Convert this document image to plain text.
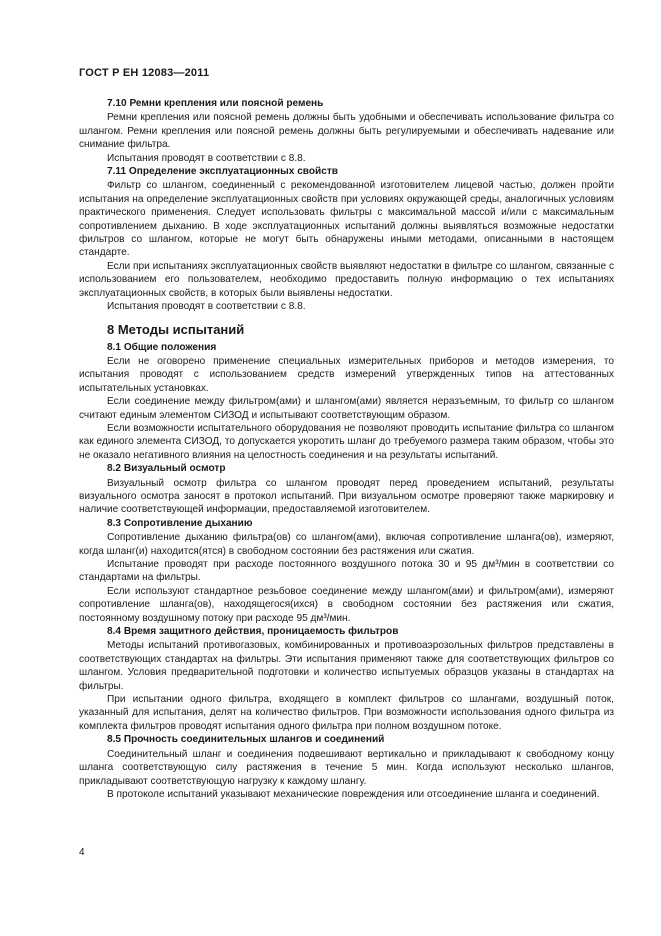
ГОСТ Р ЕН 12083—2011
7.10 Ремни крепления или поясной ремень
Ремни крепления или поясной ремень должны быть удобными и обеспечивать использование фильтра со шлангом. Ремни крепления или поясной ремень должны быть регулируемыми и обеспечивать надевание или снимание фильтра.
Испытания проводят в соответствии с 8.8.
7.11 Определение эксплуатационных свойств
Фильтр со шлангом, соединенный с рекомендованной изготовителем лицевой частью, должен пройти испытания на определение эксплуатационных свойств при условиях окружающей среды, аналогичных условиям практического применения. Следует использовать фильтры с максимальной массой и/или с максимальным сопротивлением дыханию. В ходе эксплуатационных испытаний должны выявляться возможные недостатки фильтров со шлангом, которые не могут быть обнаружены иными методами, описанными в настоящем стандарте.
Если при испытаниях эксплуатационных свойств выявляют недостатки в фильтре со шлангом, связанные с использованием его пользователем, необходимо предоставить полную информацию о тех испытаниях эксплуатационных свойств, в которых были выявлены недостатки.
Испытания проводят в соответствии с 8.8.
8 Методы испытаний
8.1 Общие положения
Если не оговорено применение специальных измерительных приборов и методов измерения, то испытания проводят с использованием средств измерений утвержденных типов на аттестованных испытательных установках.
Если соединение между фильтром(ами) и шлангом(ами) является неразъемным, то фильтр со шлангом считают единым элементом СИЗОД и испытывают соответствующим образом.
Если возможности испытательного оборудования не позволяют проводить испытание фильтра со шлангом как единого элемента СИЗОД, то допускается укоротить шланг до требуемого размера таким образом, чтобы это не оказало негативного влияния на целостность соединения и на результаты испытаний.
8.2 Визуальный осмотр
Визуальный осмотр фильтра со шлангом проводят перед проведением испытаний, результаты визуального осмотра заносят в протокол испытаний. При визуальном осмотре проверяют также маркировку и наличие соответствующей информации, предоставляемой изготовителем.
8.3 Сопротивление дыханию
Сопротивление дыханию фильтра(ов) со шлангом(ами), включая сопротивление шланга(ов), измеряют, когда шланг(и) находится(ятся) в свободном состоянии без растяжения или сжатия.
Испытание проводят при расходе постоянного воздушного потока 30 и 95 дм³/мин в соответствии со стандартами на фильтры.
Если используют стандартное резьбовое соединение между шлангом(ами) и фильтром(ами), измеряют сопротивление шланга(ов), находящегося(ихся) в свободном состоянии без растяжения или сжатия, постоянному воздушному потоку при расходе 95 дм³/мин.
8.4 Время защитного действия, проницаемость фильтров
Методы испытаний противогазовых, комбинированных и противоаэрозольных фильтров представлены в соответствующих стандартах на фильтры. Эти испытания применяют также для соответствующих фильтров со шлангом. Условия предварительной подготовки и количество испытуемых образцов указаны в стандартах на фильтры.
При испытании одного фильтра, входящего в комплект фильтров со шлангами, воздушный поток, указанный для испытания, делят на количество фильтров. При возможности использования одного фильтра из комплекта фильтров проводят испытания одного фильтра при полном воздушном потоке.
8.5 Прочность соединительных шлангов и соединений
Соединительный шланг и соединения подвешивают вертикально и прикладывают к свободному концу шланга соответствующую силу растяжения в течение 5 мин. Когда используют несколько шлангов, прикладывают соответствующую нагрузку к каждому шлангу.
В протоколе испытаний указывают механические повреждения или отсоединение шланга и соединений.
4
